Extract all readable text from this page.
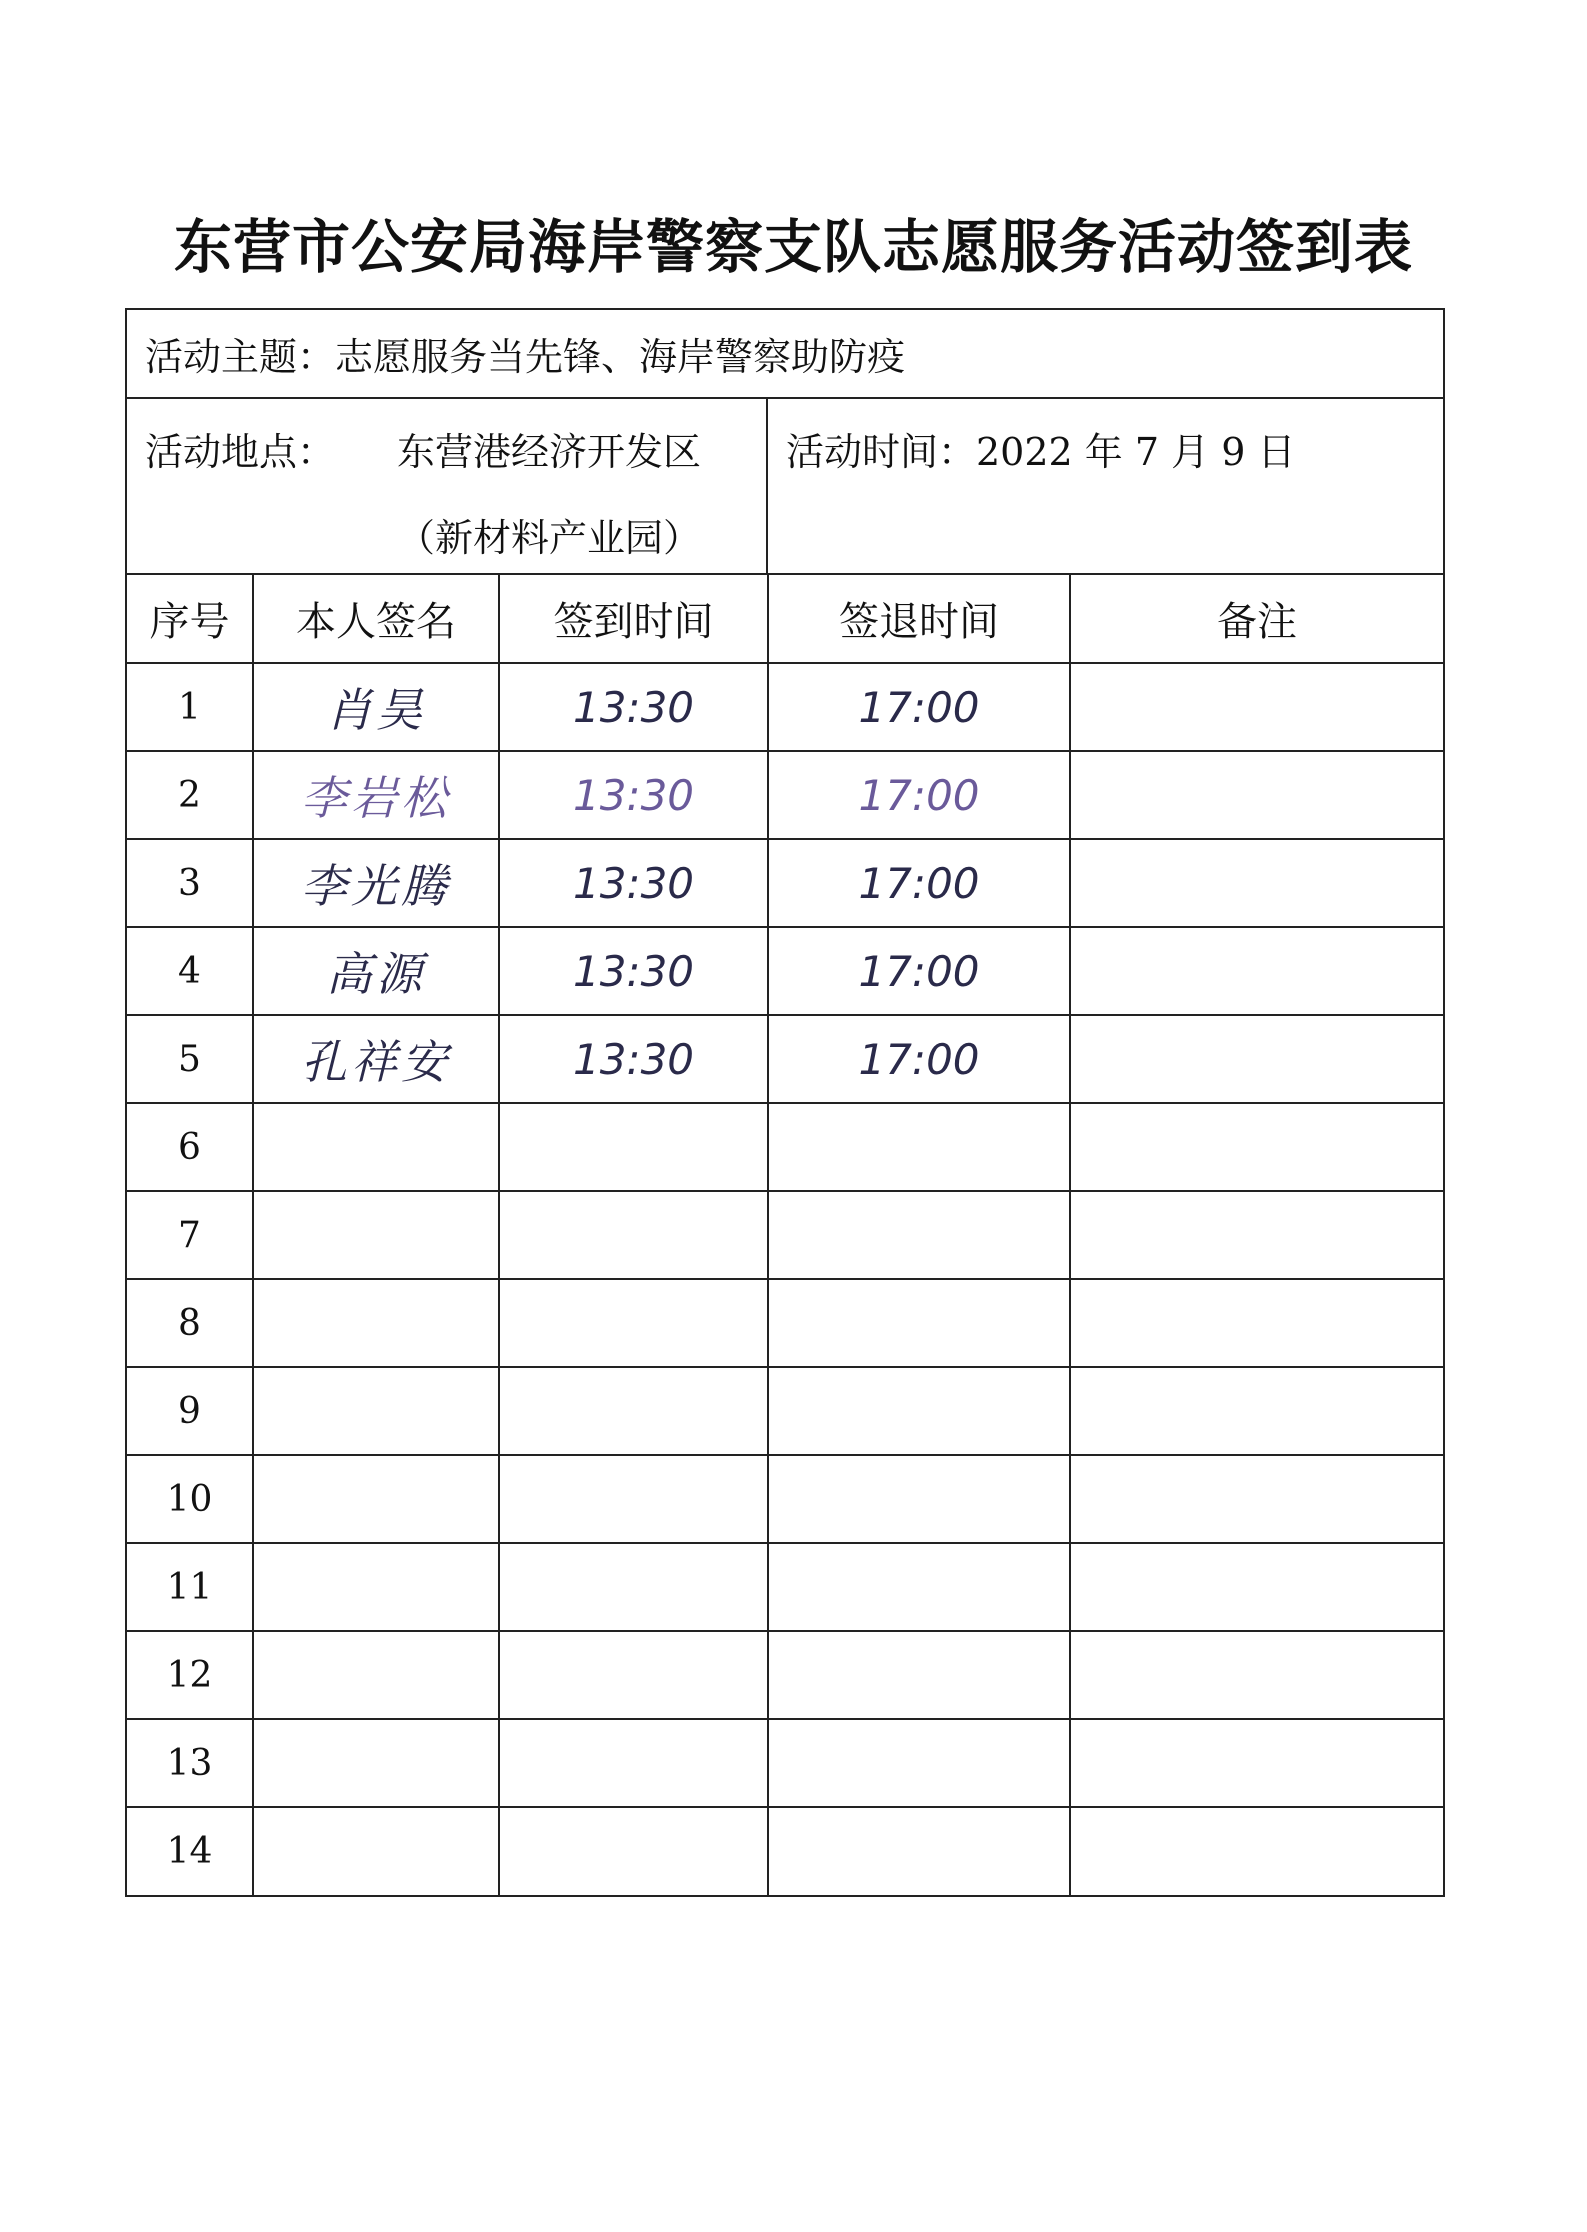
东营市公安局海岸警察支队志愿服务活动签到表
活动主题：志愿服务当先锋、海岸警察助防疫
活动地点： 东营港经济开发区
（新材料产业园）
活动时间：2022 年 7 月 9 日
序号	本人签名	签到时间	签退时间	备注
1	肖昊	13:30	17:00	
2	李岩松	13:30	17:00	
3	李光腾	13:30	17:00	
4	高源	13:30	17:00	
5	孔祥安	13:30	17:00	
6				
7				
8				
9				
10				
11				
12				
13				
14				
